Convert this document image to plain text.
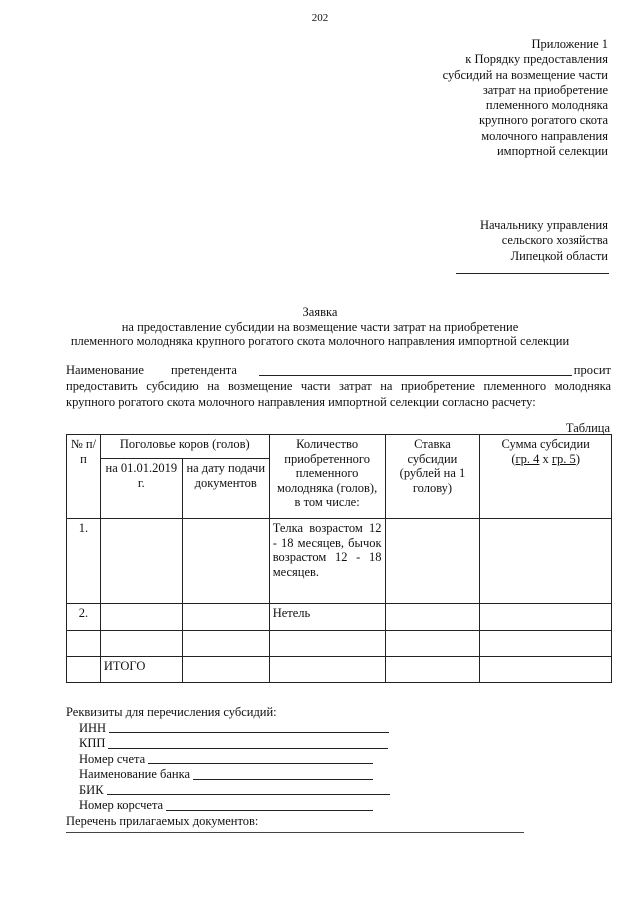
202
Приложение 1
к Порядку предоставления
субсидий на возмещение части
затрат на приобретение
племенного молодняка
крупного рогатого скота
молочного направления
импортной селекции
Начальнику управления
сельского хозяйства
Липецкой области
Заявка
на предоставление субсидии на возмещение части затрат на приобретение
племенного молодняка крупного рогатого скота молочного направления импортной селекции
Наименование	претендента	просит
предоставить субсидию на возмещение части затрат на приобретение племенного молодняка
крупного рогатого скота молочного направления импортной селекции согласно расчету:
Таблица
№ п/п	Поголовье коров (голов)		Количество приобретенного племенного молодняка (голов), в том числе:	Ставка субсидии (рублей на 1 голову)	Сумма субсидии
(гр. 4 x гр. 5)

	на 01.01.2019 г.	на дату подачи документов			
1.			Телка возрастом 12 - 18 месяцев, бычок возрастом 12 - 18 месяцев.		
2.			Нетель		

	ИТОГО				
Реквизиты для перечисления субсидий:
ИНН
КПП
Номер счета
Наименование банка
БИК
Номер корсчета
Перечень прилагаемых документов:
